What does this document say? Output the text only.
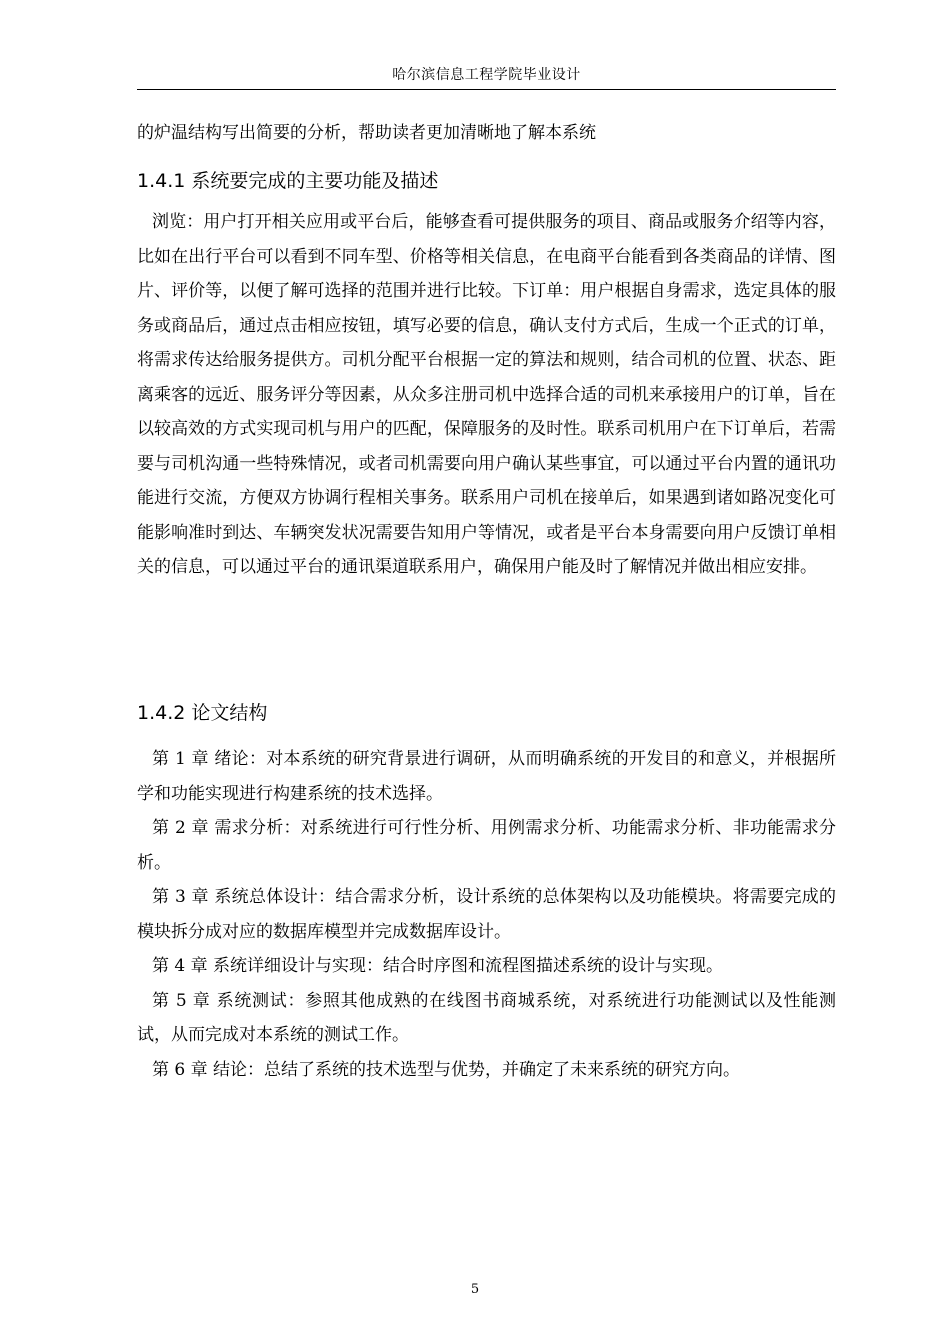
哈尔滨信息工程学院毕业设计

的炉温结构写出简要的分析，帮助读者更加清晰地了解本系统

1.4.1 系统要完成的主要功能及描述

浏览：用户打开相关应用或平台后，能够查看可提供服务的项目、商品或服务介绍等内容，比如在出行平台可以看到不同车型、价格等相关信息，在电商平台能看到各类商品的详情、图片、评价等，以便了解可选择的范围并进行比较。下订单：用户根据自身需求，选定具体的服务或商品后，通过点击相应按钮，填写必要的信息，确认支付方式后，生成一个正式的订单，将需求传达给服务提供方。司机分配平台根据一定的算法和规则，结合司机的位置、状态、距离乘客的远近、服务评分等因素，从众多注册司机中选择合适的司机来承接用户的订单，旨在以较高效的方式实现司机与用户的匹配，保障服务的及时性。联系司机用户在下订单后，若需要与司机沟通一些特殊情况，或者司机需要向用户确认某些事宜，可以通过平台内置的通讯功能进行交流，方便双方协调行程相关事务。联系用户司机在接单后，如果遇到诸如路况变化可能影响准时到达、车辆突发状况需要告知用户等情况，或者是平台本身需要向用户反馈订单相关的信息，可以通过平台的通讯渠道联系用户，确保用户能及时了解情况并做出相应安排。

1.4.2 论文结构

第 1 章 绪论：对本系统的研究背景进行调研，从而明确系统的开发目的和意义，并根据所学和功能实现进行构建系统的技术选择。

第 2 章 需求分析：对系统进行可行性分析、用例需求分析、功能需求分析、非功能需求分析。

第 3 章 系统总体设计：结合需求分析，设计系统的总体架构以及功能模块。将需要完成的模块拆分成对应的数据库模型并完成数据库设计。

第 4 章 系统详细设计与实现：结合时序图和流程图描述系统的设计与实现。

第 5 章 系统测试：参照其他成熟的在线图书商城系统，对系统进行功能测试以及性能测试，从而完成对本系统的测试工作。

第 6 章 结论：总结了系统的技术选型与优势，并确定了未来系统的研究方向。

5
